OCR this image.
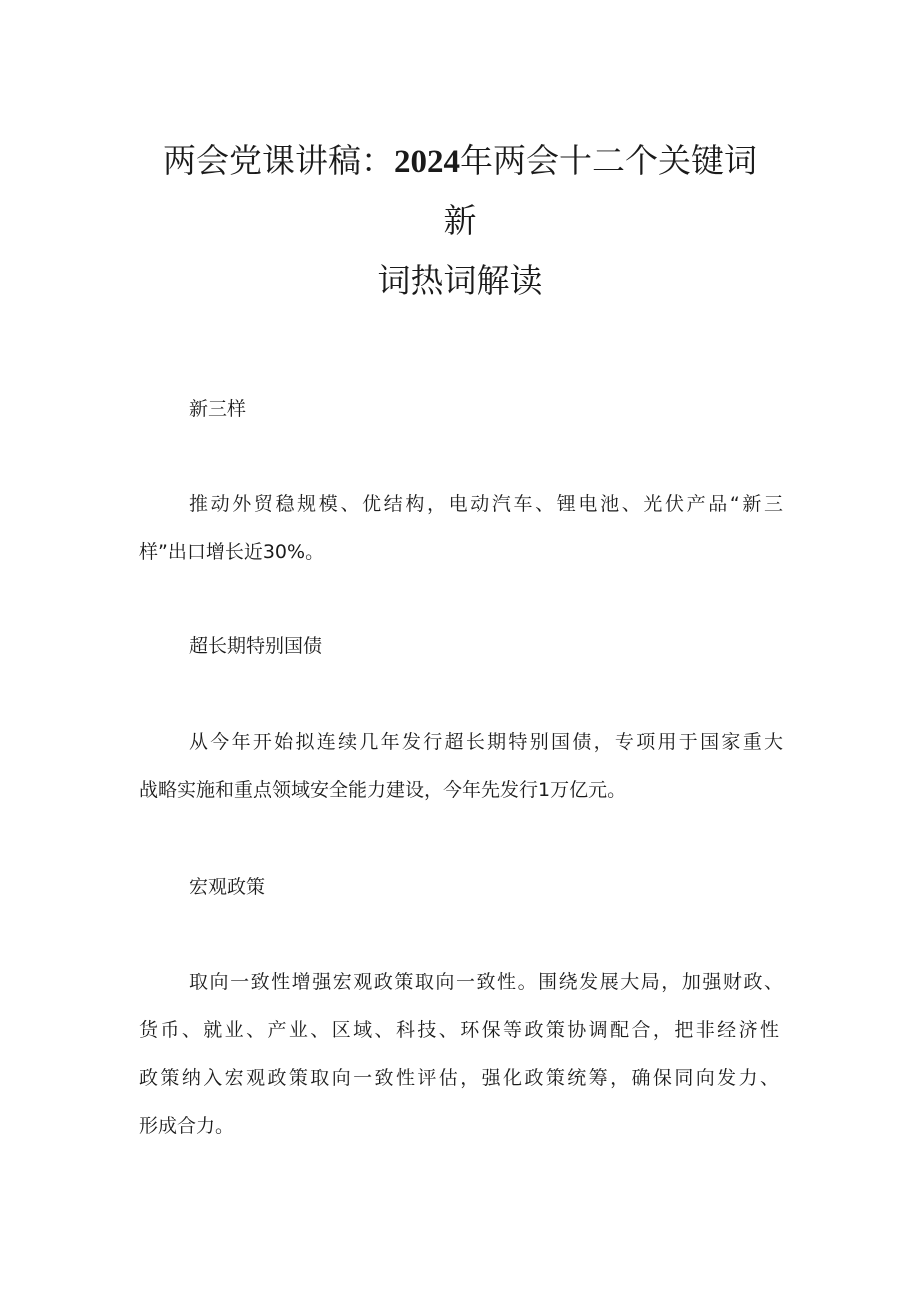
两会党课讲稿：2024年两会十二个关键词
新
词热词解读
新三样
推动外贸稳规模、优结构，电动汽车、锂电池、光伏产品“新三
样”出口增长近30%。
超长期特别国债
从今年开始拟连续几年发行超长期特别国债，专项用于国家重大
战略实施和重点领域安全能力建设，今年先发行1万亿元。
宏观政策
取向一致性增强宏观政策取向一致性。围绕发展大局，加强财政、
货币、就业、产业、区域、科技、环保等政策协调配合，把非经济性
政策纳入宏观政策取向一致性评估，强化政策统筹，确保同向发力、
形成合力。
